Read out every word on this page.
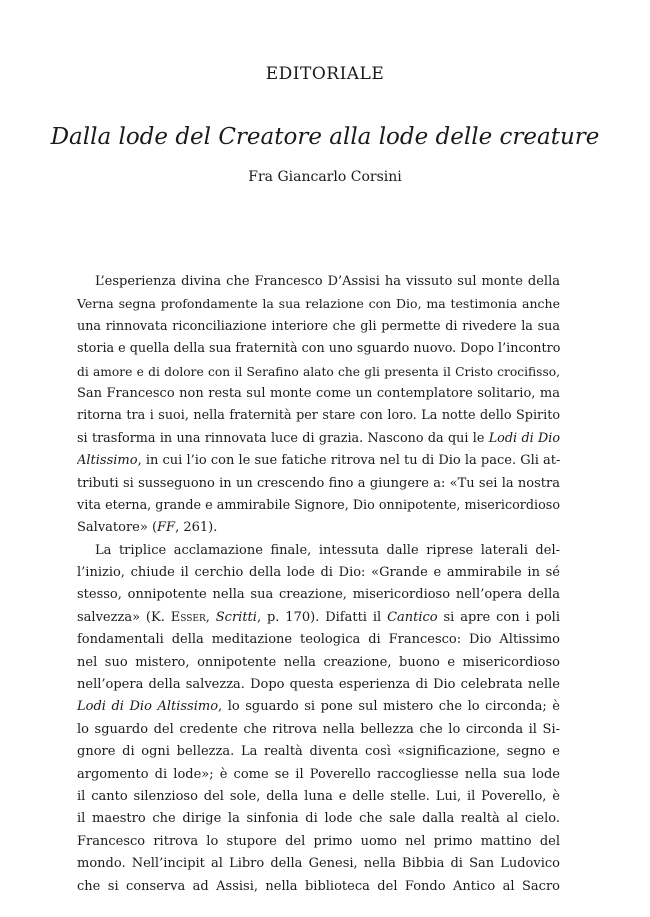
EDITORIALE
Dalla lode del Creatore alla lode delle creature
Fra Giancarlo Corsini
L’esperienza divina che Francesco D’Assisi ha vissuto sul monte della
Verna segna profondamente la sua relazione con Dio, ma testimonia anche
una rinnovata riconciliazione interiore che gli permette di rivedere la sua
storia e quella della sua fraternità con uno sguardo nuovo. Dopo l’incontro
di amore e di dolore con il Serafino alato che gli presenta il Cristo crocifisso,
San Francesco non resta sul monte come un contemplatore solitario, ma
ritorna tra i suoi, nella fraternità per stare con loro. La notte dello Spirito
si trasforma in una rinnovata luce di grazia. Nascono da qui le Lodi di Dio
Altissimo, in cui l’io con le sue fatiche ritrova nel tu di Dio la pace. Gli at-
tributi si susseguono in un crescendo fino a giungere a: «Tu sei la nostra
vita eterna, grande e ammirabile Signore, Dio onnipotente, misericordioso
Salvatore» (FF, 261).
La triplice acclamazione finale, intessuta dalle riprese laterali del-
l’inizio, chiude il cerchio della lode di Dio: «Grande e ammirabile in sé
stesso, onnipotente nella sua creazione, misericordioso nell’opera della
salvezza» (K. Esser, Scritti, p. 170). Difatti il Cantico si apre con i poli
fondamentali della meditazione teologica di Francesco: Dio Altissimo
nel suo mistero, onnipotente nella creazione, buono e misericordioso
nell’opera della salvezza. Dopo questa esperienza di Dio celebrata nelle
Lodi di Dio Altissimo, lo sguardo si pone sul mistero che lo circonda; è
lo sguardo del credente che ritrova nella bellezza che lo circonda il Si-
gnore di ogni bellezza. La realtà diventa così «significazione, segno e
argomento di lode»; è come se il Poverello raccogliesse nella sua lode
il canto silenzioso del sole, della luna e delle stelle. Lui, il Poverello, è
il maestro che dirige la sinfonia di lode che sale dalla realtà al cielo.
Francesco ritrova lo stupore del primo uomo nel primo mattino del
mondo. Nell’incipit al Libro della Genesi, nella Bibbia di San Ludovico
che si conserva ad Assisi, nella biblioteca del Fondo Antico al Sacro
